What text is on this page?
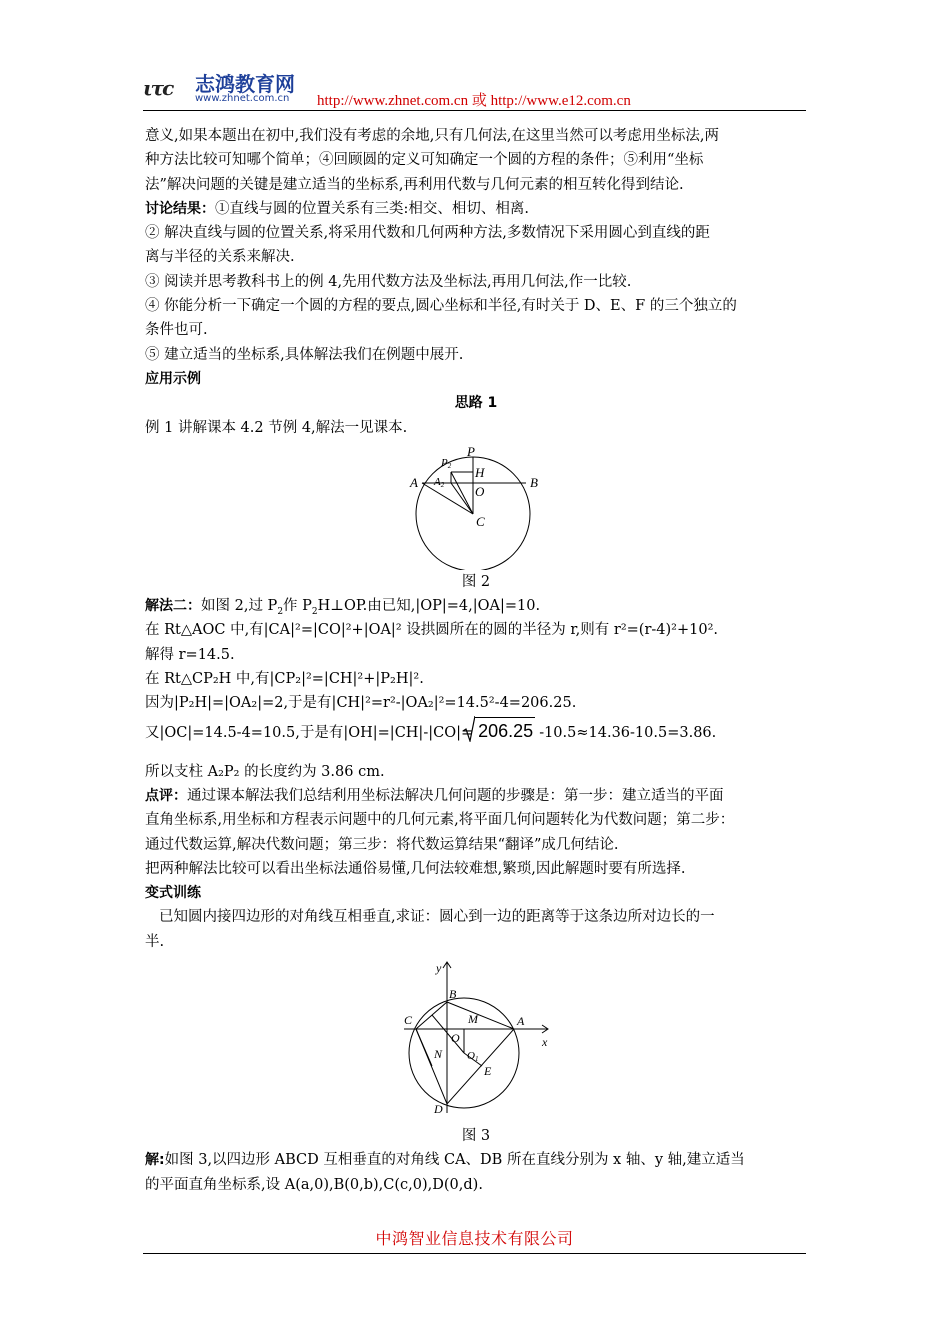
ιτc 志鸿教育网
www.zhnet.com.cn http://www.zhnet.com.cn 或 http://www.e12.com.cn

意义,如果本题出在初中,我们没有考虑的余地,只有几何法,在这里当然可以考虑用坐标法,两

种方法比较可知哪个简单；④回顾圆的定义可知确定一个圆的方程的条件；⑤利用“坐标

法”解决问题的关键是建立适当的坐标系,再利用代数与几何元素的相互转化得到结论.

讨论结果：①直线与圆的位置关系有三类:相交、相切、相离.

② 解决直线与圆的位置关系,将采用代数和几何两种方法,多数情况下采用圆心到直线的距

离与半径的关系来解决.

③ 阅读并思考教科书上的例 4,先用代数方法及坐标法,再用几何法,作一比较.

④ 你能分析一下确定一个圆的方程的要点,圆心坐标和半径,有时关于 D、E、F 的三个独立的

条件也可.

⑤ 建立适当的坐标系,具体解法我们在例题中展开.

应用示例

思路 1

例 1 讲解课本 4.2 节例 4,解法一见课本.

A A2
P2
P
H
O
B
C

图 2

解法二：如图 2,过 $P_2$作 $P_2H\perp OP$.由已知,|OP|=4,|OA|=10.

在 Rt△AOC 中,有|CA|²=|CO|²+|OA|² 设拱圆所在的圆的半径为 r,则有 r²=(r-4)²+10².

解得 r=14.5.

在 Rt△CP₂H 中,有|CP₂|²=|CH|²+|P₂H|².

因为|P₂H|=|OA₂|=2,于是有|CH|²=r²-|OA₂|²=14.5²-4=206.25.

又|OC|=14.5-4=10.5,于是有|OH|=|CH|-|CO|= 206.25 -10.5≈14.36-10.5=3.86.

所以支柱 A₂P₂ 的长度约为 3.86 cm.

点评：通过课本解法我们总结利用坐标法解决几何问题的步骤是：第一步：建立适当的平面

直角坐标系,用坐标和方程表示问题中的几何元素,将平面几何问题转化为代数问题；第二步：

通过代数运算,解决代数问题；第三步：将代数运算结果“翻译”成几何结论.

把两种解法比较可以看出坐标法通俗易懂,几何法较难想,繁琐,因此解题时要有所选择.

变式训练

已知圆内接四边形的对角线互相垂直,求证：圆心到一边的距离等于这条边所对边长的一

半.

y
x
B
C	M	A
O
N O1
E
D

图 3

解:如图 3,以四边形 ABCD 互相垂直的对角线 CA、DB 所在直线分别为 x 轴、y 轴,建立适当

的平面直角坐标系,设 A(a,0),B(0,b),C(c,0),D(0,d).

中鸿智业信息技术有限公司
